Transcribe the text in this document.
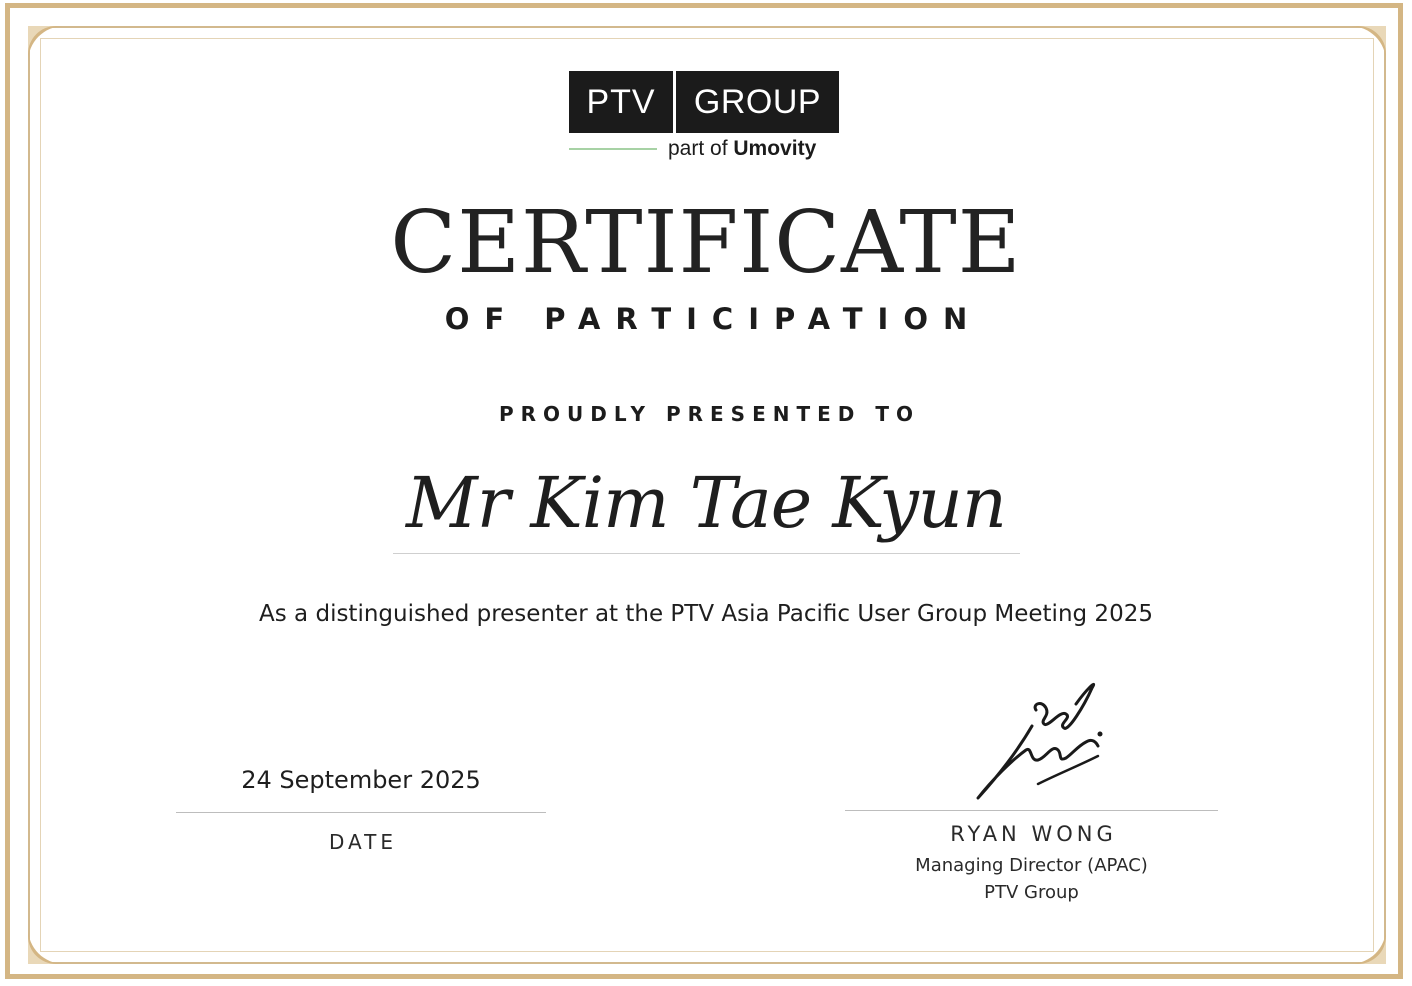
PTV	GROUP
part of Umovity
CERTIFICATE
OF PARTICIPATION
PROUDLY PRESENTED TO
Mr Kim Tae Kyun
As a distinguished presenter at the PTV Asia Pacific User Group Meeting 2025
24 September 2025
DATE	RYAN WONG
Managing Director (APAC)
PTV Group
